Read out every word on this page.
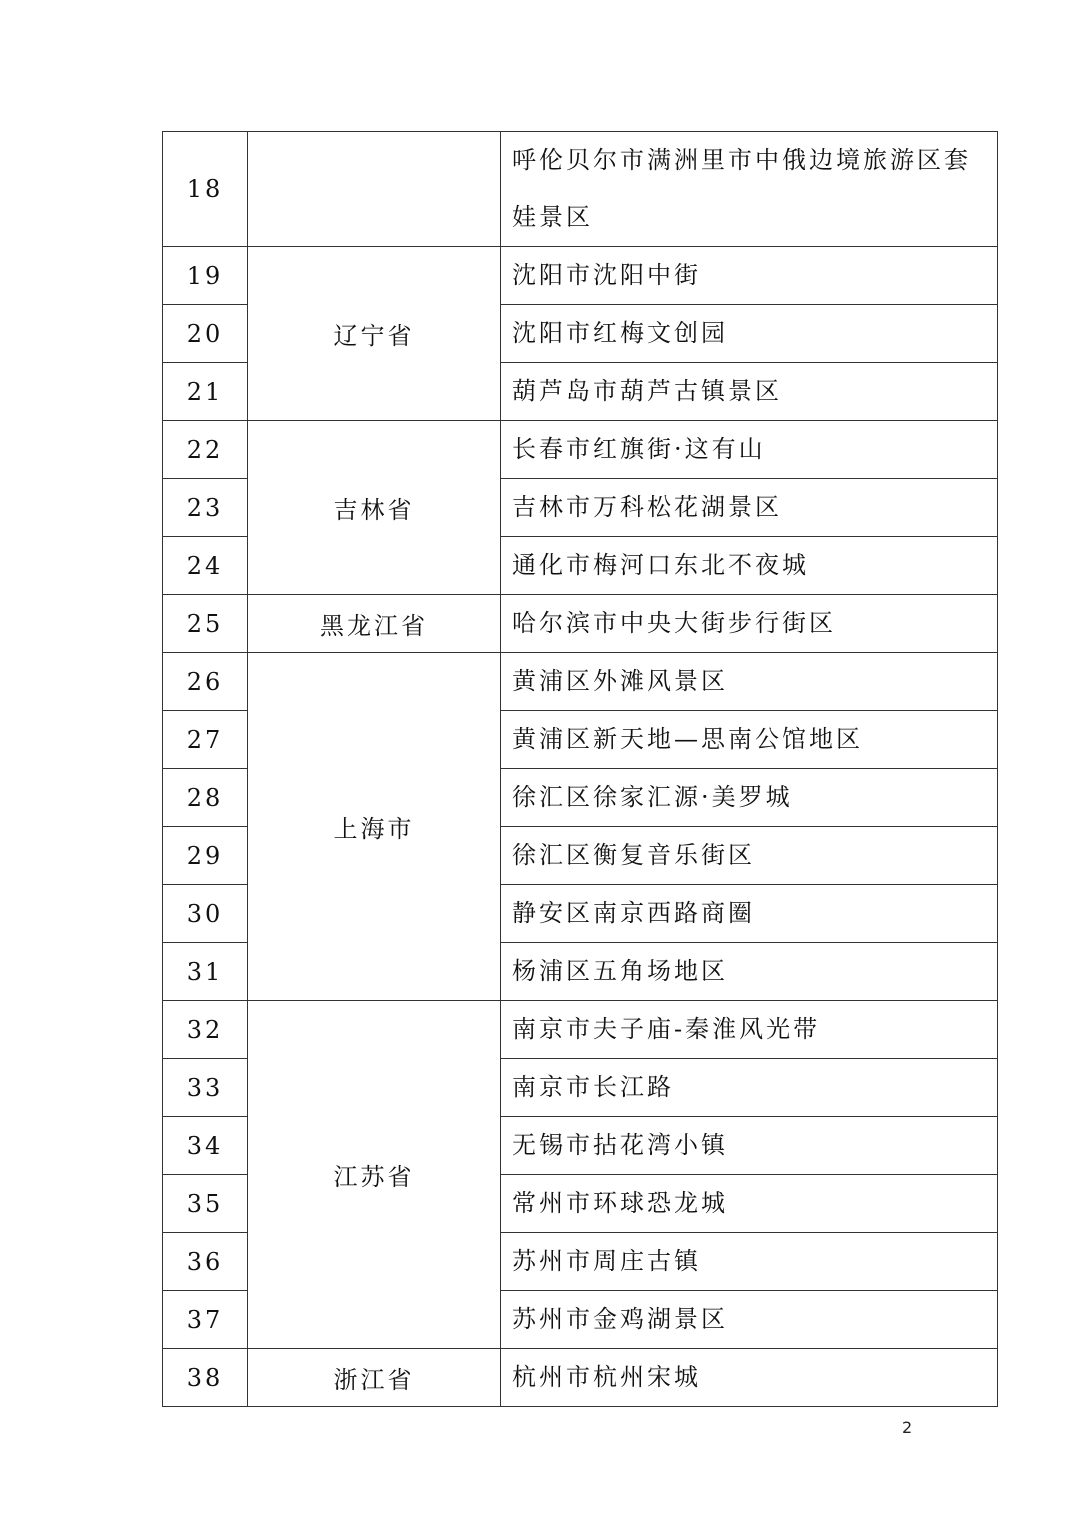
18		呼伦贝尔市满洲里市中俄边境旅游区套娃景区
19	辽宁省	沈阳市沈阳中街
20		沈阳市红梅文创园
21		葫芦岛市葫芦古镇景区
22	吉林省	长春市红旗街·这有山
23		吉林市万科松花湖景区
24		通化市梅河口东北不夜城
25	黑龙江省	哈尔滨市中央大街步行街区
26	上海市	黄浦区外滩风景区
27		黄浦区新天地—思南公馆地区
28		徐汇区徐家汇源·美罗城
29		徐汇区衡复音乐街区
30		静安区南京西路商圈
31		杨浦区五角场地区
32	江苏省	南京市夫子庙-秦淮风光带
33		南京市长江路
34		无锡市拈花湾小镇
35		常州市环球恐龙城
36		苏州市周庄古镇
37		苏州市金鸡湖景区
38	浙江省	杭州市杭州宋城
2
